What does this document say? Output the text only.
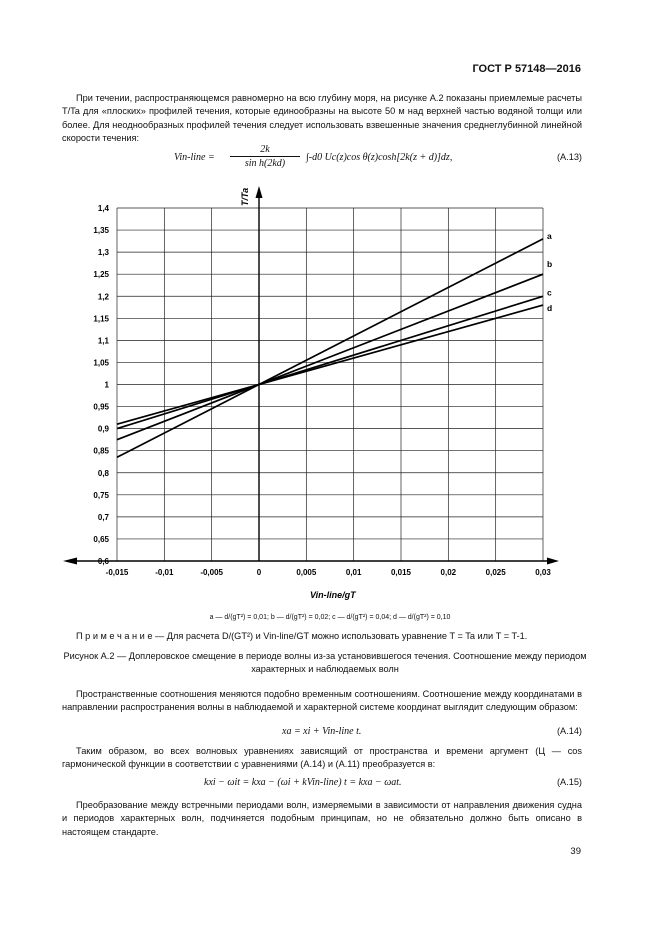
ГОСТ Р 57148—2016
При течении, распространяющемся равномерно на всю глубину моря, на рисунке А.2 показаны приемлемые расчеты T/Ta для «плоских» профилей течения, которые единообразны на высоте 50 м над верхней частью водяной толщи или более. Для неоднообразных профилей течения следует использовать взвешенные значения среднеглубинной линейной скорости течения:
Vin-line = $\frac{2k}{\text{sin h(2kd)}} \int-d0$ Uc(z)cos θ(z)cosh[2k(z + d)]dz,	(A.13)
-0,015	-0,01	-0,005	0	0,005	0,01	0,015	0,02	0,025	0,03
0,6
0,65
0,7
0,75
0,8
0,85
0,9
0,95
1
1,05
1,1
1,15
1,2
1,25
1,3
1,35
1,4
a
b
c
d
T/Ta
Vin-line/gT
a — d/(gT²) = 0,01; b — d/(gT²) = 0,02; c — d/(gT²) = 0,04; d — d/(gT²) = 0,10
П р и м е ч а н и е — Для расчета D/(GT²) и Vin-line/GT можно использовать уравнение T = Ta или T = T-1.
Рисунок А.2 — Доплеровское смещение в периоде волны из-за установившегося течения. Соотношение между периодом характерных и наблюдаемых волн
Пространственные соотношения меняются подобно временным соотношениям. Соотношение между координатами в направлении распространения волны в наблюдаемой и характерной системе координат выглядит следующим образом:
xa = xi + Vin-line t.	(A.14)
Таким образом, во всех волновых уравнениях зависящий от пространства и времени аргумент (Ц — cos гармонической функции в соответствии с уравнениями (А.14) и (А.11) преобразуется в:
kxi − ωit = kxa − (ωi + kVin-line) t = kxa − ωat.	(A.15)
Преобразование между встречными периодами волн, измеряемыми в зависимости от направления движения судна и периодов характерных волн, подчиняется подобным принципам, но не обязательно должно быть описано в настоящем стандарте.
39
